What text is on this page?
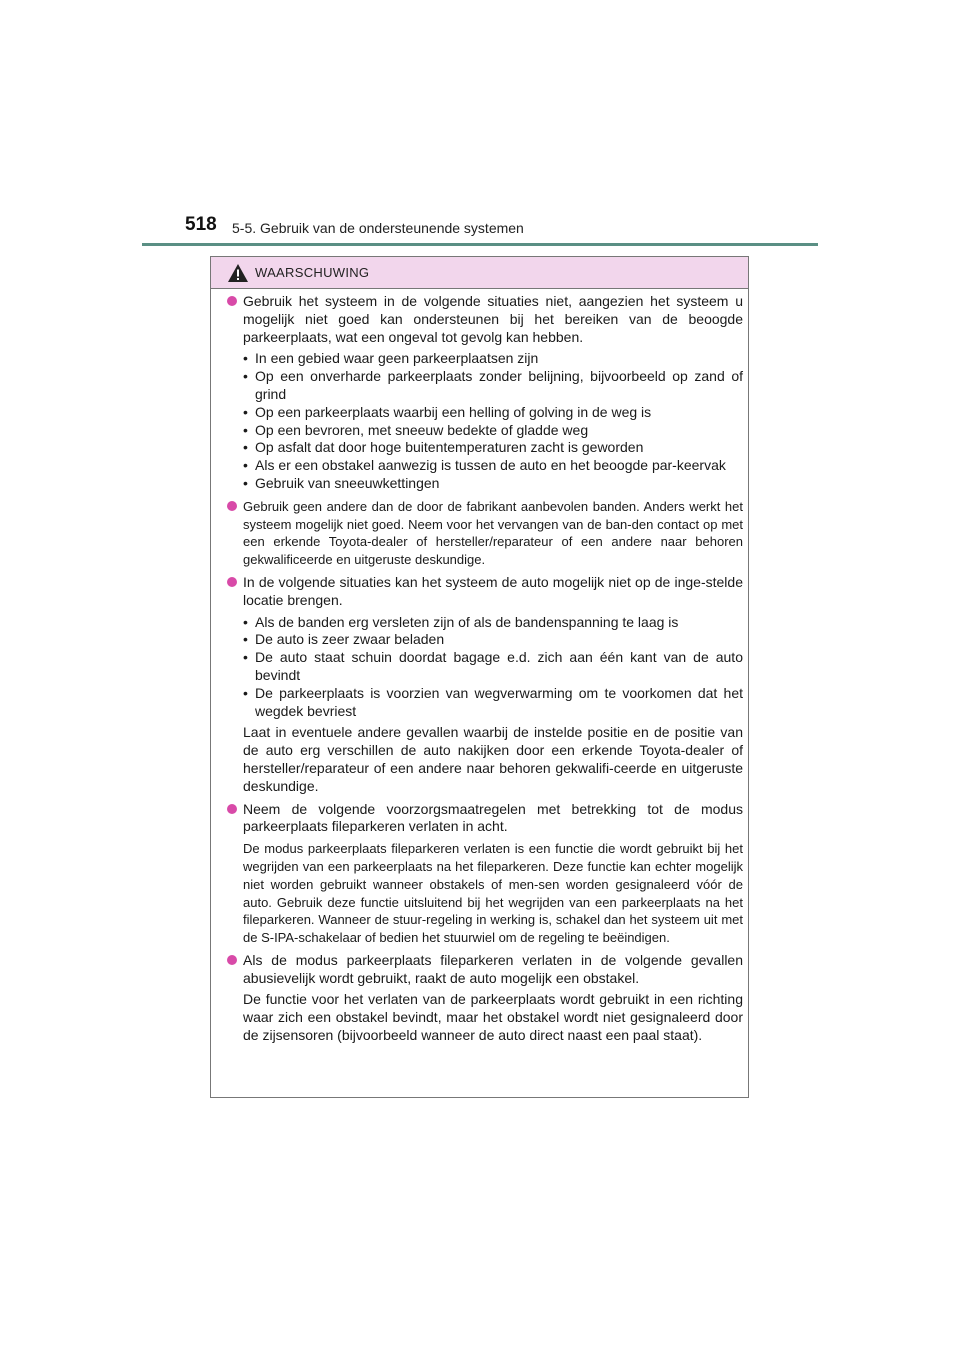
518 5-5. Gebruik van de ondersteunende systemen
WAARSCHUWING
Gebruik het systeem in de volgende situaties niet, aangezien het systeem u mogelijk niet goed kan ondersteunen bij het bereiken van de beoogde parkeerplaats, wat een ongeval tot gevolg kan hebben.
• In een gebied waar geen parkeerplaatsen zijn
• Op een onverharde parkeerplaats zonder belijning, bijvoorbeeld op zand of grind
• Op een parkeerplaats waarbij een helling of golving in de weg is
• Op een bevroren, met sneeuw bedekte of gladde weg
• Op asfalt dat door hoge buitentemperaturen zacht is geworden
• Als er een obstakel aanwezig is tussen de auto en het beoogde par-keervak
• Gebruik van sneeuwkettingen
Gebruik geen andere dan de door de fabrikant aanbevolen banden. Anders werkt het systeem mogelijk niet goed. Neem voor het vervangen van de ban-den contact op met een erkende Toyota-dealer of hersteller/reparateur of een andere naar behoren gekwalificeerde en uitgeruste deskundige.
In de volgende situaties kan het systeem de auto mogelijk niet op de inge-stelde locatie brengen.
• Als de banden erg versleten zijn of als de bandenspanning te laag is
• De auto is zeer zwaar beladen
• De auto staat schuin doordat bagage e.d. zich aan één kant van de auto bevindt
• De parkeerplaats is voorzien van wegverwarming om te voorkomen dat het wegdek bevriest
Laat in eventuele andere gevallen waarbij de instelde positie en de positie van de auto erg verschillen de auto nakijken door een erkende Toyota-dealer of hersteller/reparateur of een andere naar behoren gekwalifi-ceerde en uitgeruste deskundige.
Neem de volgende voorzorgsmaatregelen met betrekking tot de modus parkeerplaats fileparkeren verlaten in acht.
De modus parkeerplaats fileparkeren verlaten is een functie die wordt gebruikt bij het wegrijden van een parkeerplaats na het fileparkeren. Deze functie kan echter mogelijk niet worden gebruikt wanneer obstakels of men-sen worden gesignaleerd vóór de auto. Gebruik deze functie uitsluitend bij het wegrijden van een parkeerplaats na het fileparkeren. Wanneer de stuur-regeling in werking is, schakel dan het systeem uit met de S-IPA-schakelaar of bedien het stuurwiel om de regeling te beëindigen.
Als de modus parkeerplaats fileparkeren verlaten in de volgende gevallen abusievelijk wordt gebruikt, raakt de auto mogelijk een obstakel.
De functie voor het verlaten van de parkeerplaats wordt gebruikt in een richting waar zich een obstakel bevindt, maar het obstakel wordt niet gesignaleerd door de zijsensoren (bijvoorbeeld wanneer de auto direct naast een paal staat).
